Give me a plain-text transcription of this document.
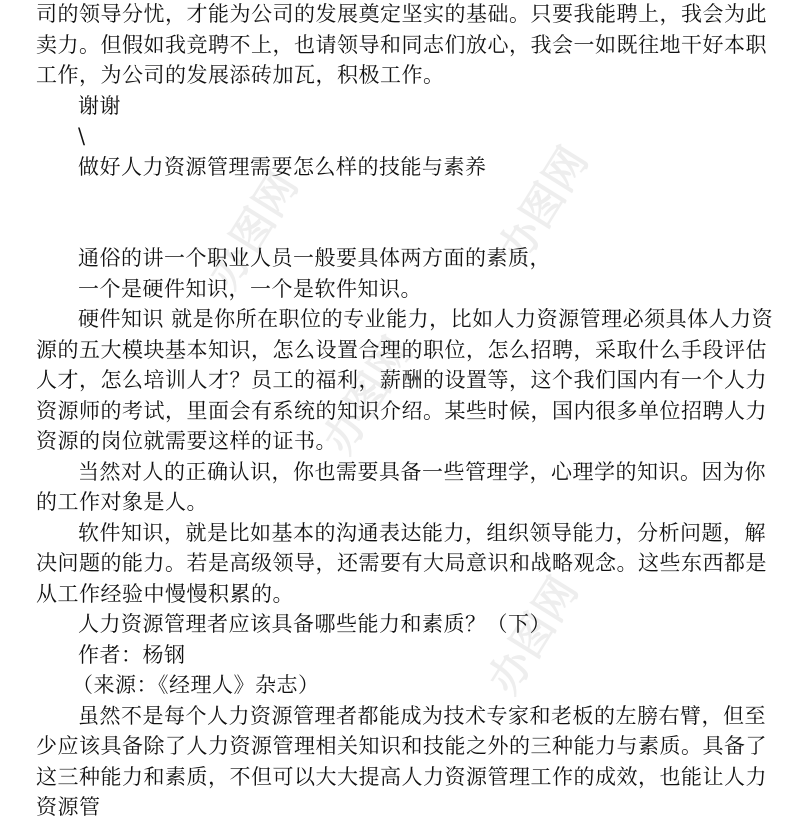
办图网	办图网
办图网
办图网

司的领导分忧，才能为公司的发展奠定坚实的基础。只要我能聘上，我会为此卖力。但假如我竞聘不上，也请领导和同志们放心，我会一如既往地干好本职工作，为公司的发展添砖加瓦，积极工作。

谢谢

\

做好人力资源管理需要怎么样的技能与素养

通俗的讲一个职业人员一般要具体两方面的素质，

一个是硬件知识，一个是软件知识。

硬件知识 就是你所在职位的专业能力，比如人力资源管理必须具体人力资源的五大模块基本知识，怎么设置合理的职位，怎么招聘，采取什么手段评估人才，怎么培训人才？员工的福利，薪酬的设置等，这个我们国内有一个人力资源师的考试，里面会有系统的知识介绍。某些时候，国内很多单位招聘人力资源的岗位就需要这样的证书。

当然对人的正确认识，你也需要具备一些管理学，心理学的知识。因为你的工作对象是人。

软件知识，就是比如基本的沟通表达能力，组织领导能力，分析问题，解决问题的能力。若是高级领导，还需要有大局意识和战略观念。这些东西都是从工作经验中慢慢积累的。

人力资源管理者应该具备哪些能力和素质？（下）

作者：杨钢

（来源：《经理人》杂志）

虽然不是每个人力资源管理者都能成为技术专家和老板的左膀右臂，但至少应该具备除了人力资源管理相关知识和技能之外的三种能力与素质。具备了这三种能力和素质，不但可以大大提高人力资源管理工作的成效，也能让人力资源管
